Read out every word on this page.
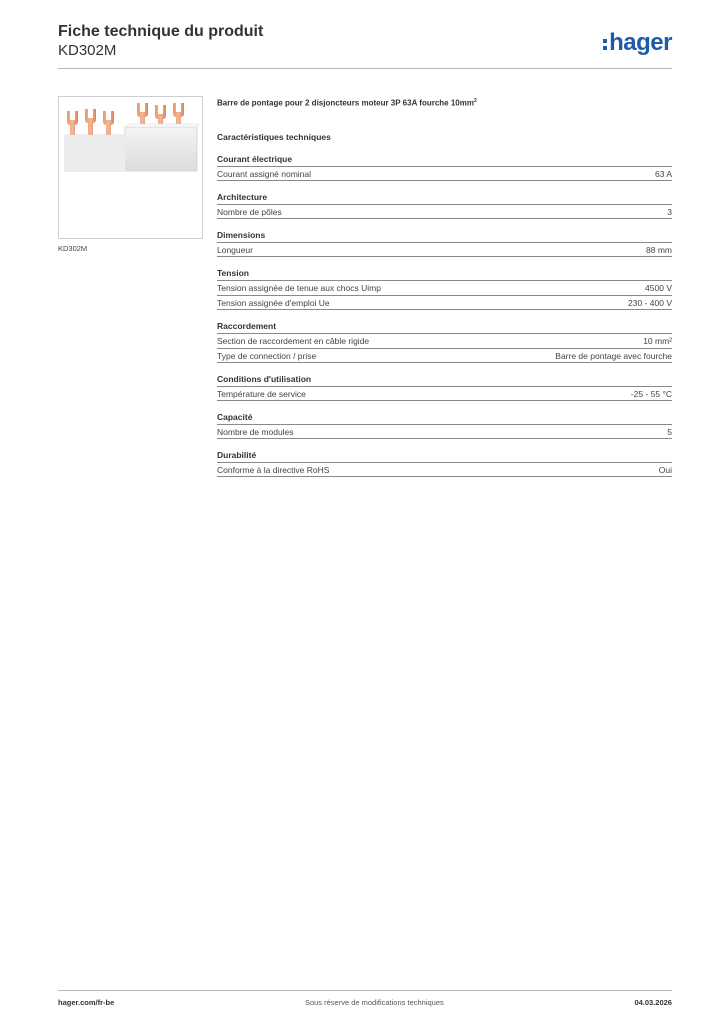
Fiche technique du produit
KD302M	hager
KD302M
Barre de pontage pour 2 disjoncteurs moteur 3P 63A fourche $10mm^2$
Caractéristiques techniques
Courant électrique
Courant assigné nominal	63 A
Architecture
Nombre de pôles	3
Dimensions
Longueur	88 mm
Tension
Tension assignée de tenue aux chocs Uimp	4500 V
Tension assignée d'emploi Ue	230 - 400 V
Raccordement
Section de raccordement en câble rigide	10 mm²
Type de connection / prise	Barre de pontage avec fourche
Conditions d'utilisation
Température de service	-25 - 55 °C
Capacité
Nombre de modules	5
Durabilité
Conforme à la directive RoHS	Oui
hager.com/fr-be	Sous réserve de modifications techniques	04.03.2026
